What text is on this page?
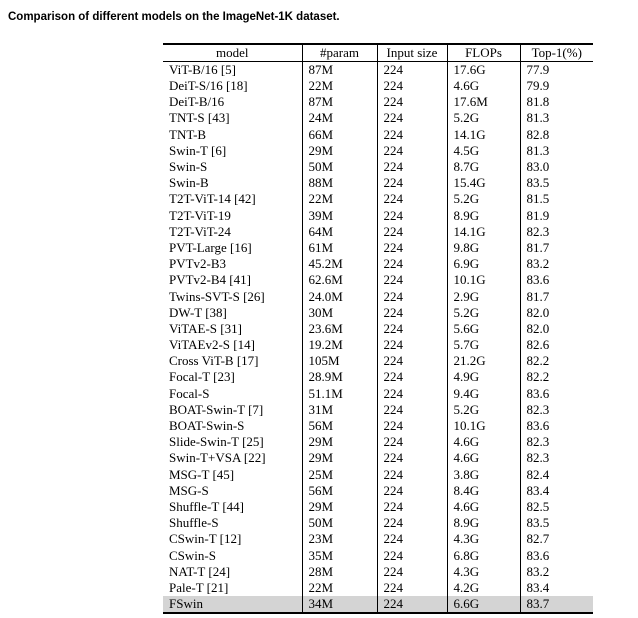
Comparison of different models on the ImageNet-1K dataset.
model	#param	Input size	FLOPs	Top-1(%)
ViT-B/16 [5]	87M	224	17.6G	77.9
DeiT-S/16 [18]	22M	224	4.6G	79.9
DeiT-B/16	87M	224	17.6M	81.8
TNT-S [43]	24M	224	5.2G	81.3
TNT-B	66M	224	14.1G	82.8
Swin-T [6]	29M	224	4.5G	81.3
Swin-S	50M	224	8.7G	83.0
Swin-B	88M	224	15.4G	83.5
T2T-ViT-14 [42]	22M	224	5.2G	81.5
T2T-ViT-19	39M	224	8.9G	81.9
T2T-ViT-24	64M	224	14.1G	82.3
PVT-Large [16]	61M	224	9.8G	81.7
PVTv2-B3	45.2M	224	6.9G	83.2
PVTv2-B4 [41]	62.6M	224	10.1G	83.6
Twins-SVT-S [26]	24.0M	224	2.9G	81.7
DW-T [38]	30M	224	5.2G	82.0
ViTAE-S [31]	23.6M	224	5.6G	82.0
ViTAEv2-S [14]	19.2M	224	5.7G	82.6
Cross ViT-B [17]	105M	224	21.2G	82.2
Focal-T [23]	28.9M	224	4.9G	82.2
Focal-S	51.1M	224	9.4G	83.6
BOAT-Swin-T [7]	31M	224	5.2G	82.3
BOAT-Swin-S	56M	224	10.1G	83.6
Slide-Swin-T [25]	29M	224	4.6G	82.3
Swin-T+VSA [22]	29M	224	4.6G	82.3
MSG-T [45]	25M	224	3.8G	82.4
MSG-S	56M	224	8.4G	83.4
Shuffle-T [44]	29M	224	4.6G	82.5
Shuffle-S	50M	224	8.9G	83.5
CSwin-T [12]	23M	224	4.3G	82.7
CSwin-S	35M	224	6.8G	83.6
NAT-T [24]	28M	224	4.3G	83.2
Pale-T [21]	22M	224	4.2G	83.4
FSwin	34M	224	6.6G	83.7
